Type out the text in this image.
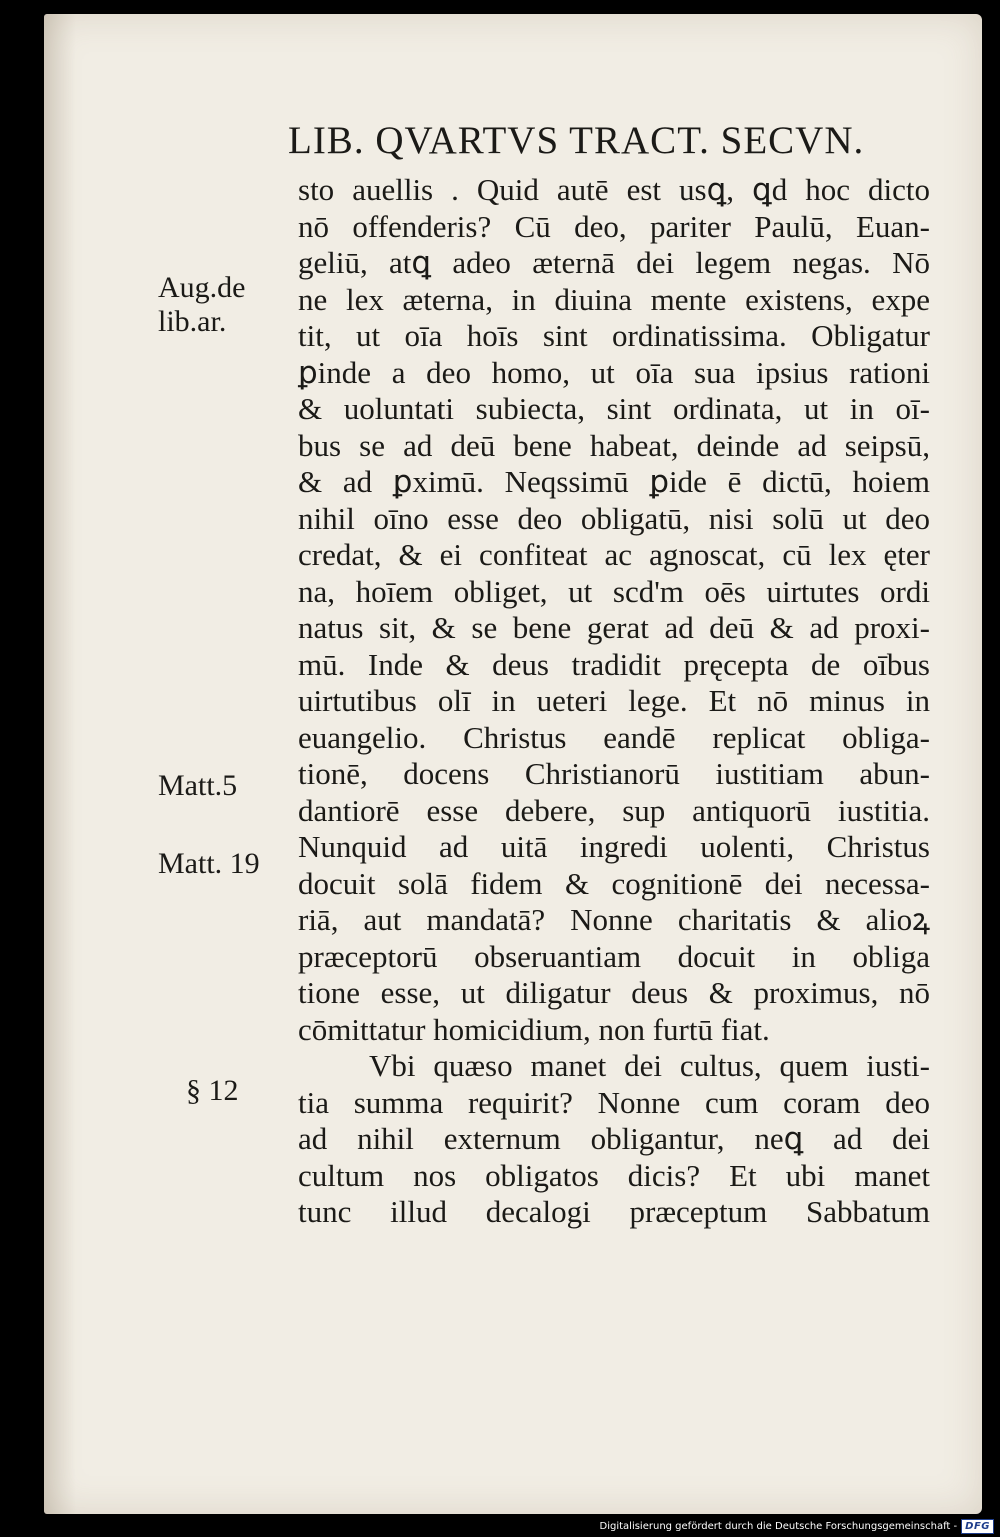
LIB. QVARTVS TRACT. SECVN.
Aug.de
lib.ar.
Matt.5
Matt. 19
§ 12
sto auellis . Quid autē est usꝗ, ꝗd hoc dicto
nō offenderis? Cū deo, pariter Paulū, Euan-
geliū, atꝗ adeo æternā dei legem negas. Nō
ne lex æterna, in diuina mente existens, expe
tit, ut oīa hoīs sint ordinatissima. Obligatur
ꝑinde a deo homo, ut oīa sua ipsius rationi
& uoluntati subiecta, sint ordinata, ut in oī-
bus se ad deū bene habeat, deinde ad seipsū,
& ad ꝑximū. Neqssimū ꝑide ē dictū, hoiem
nihil oīno esse deo obligatū, nisi solū ut deo
credat, & ei confiteat ac agnoscat, cū lex ęter
na, hoīem obliget, ut scd'm oēs uirtutes ordi
natus sit, & se bene gerat ad deū & ad proxi-
mū. Inde & deus tradidit pręcepta de oībus
uirtutibus olī in ueteri lege. Et nō minus in
euangelio. Christus eandē replicat obliga-
tionē, docens Christianorū iustitiam abun-
dantiorē esse debere, sup antiquorū iustitia.
Nunquid ad uitā ingredi uolenti, Christus
docuit solā fidem & cognitionē dei necessa-
riā, aut mandatā? Nonne charitatis & alioꝝ
præceptorū obseruantiam docuit in obliga
tione esse, ut diligatur deus & proximus, nō
cōmittatur homicidium, non furtū fiat.
Vbi quæso manet dei cultus, quem iusti-
tia summa requirit? Nonne cum coram deo
ad nihil externum obligantur, neꝗ ad dei
cultum nos obligatos dicis? Et ubi manet
tunc illud decalogi præceptum Sabbatum
Digitalisierung gefördert durch die Deutsche Forschungsgemeinschaft - DFG
